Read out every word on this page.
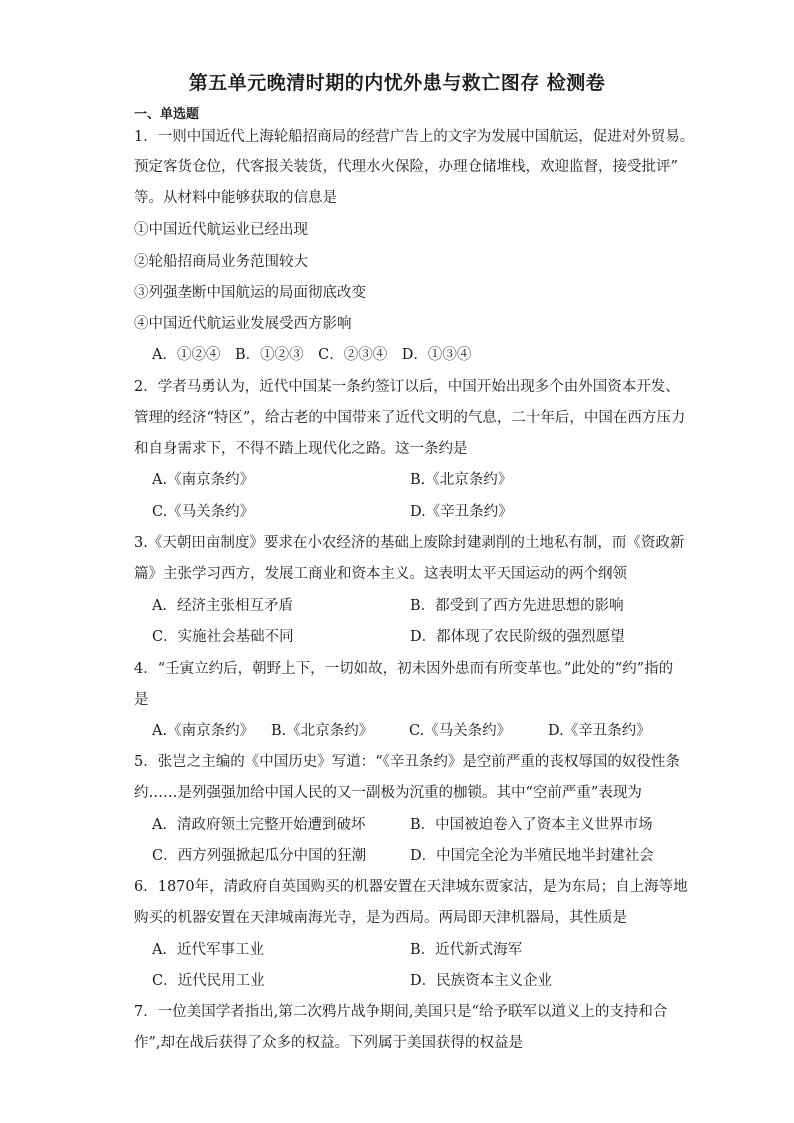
第五单元晚清时期的内忧外患与救亡图存 检测卷
一、单选题
1．一则中国近代上海轮船招商局的经营广告上的文字为发展中国航运，促进对外贸易。
预定客货仓位，代客报关装货，代理水火保险，办理仓储堆栈，欢迎监督，接受批评”
等。从材料中能够获取的信息是
①中国近代航运业已经出现
②轮船招商局业务范围较大
③列强垄断中国航运的局面彻底改变
④中国近代航运业发展受西方影响
A．①②④　B．①②③　C．②③④　D．①③④
2．学者马勇认为，近代中国某一条约签订以后，中国开始出现多个由外国资本开发、
管理的经济“特区”，给古老的中国带来了近代文明的气息，二十年后，中国在西方压力
和自身需求下，不得不踏上现代化之路。这一条约是
A.《南京条约》	B.《北京条约》
C.《马关条约》	D.《辛丑条约》
3.《天朝田亩制度》要求在小农经济的基础上废除封建剥削的土地私有制，而《资政新
篇》主张学习西方，发展工商业和资本主义。这表明太平天国运动的两个纲领
A．经济主张相互矛盾	B．都受到了西方先进思想的影响
C．实施社会基础不同	D．都体现了农民阶级的强烈愿望
4．“壬寅立约后，朝野上下，一切如故，初未因外患而有所变革也。”此处的“约”指的
是
A.《南京条约》 B.《北京条约》 C.《马关条约》	D.《辛丑条约》
5．张岂之主编的《中国历史》写道：“《辛丑条约》是空前严重的丧权辱国的奴役性条
约……是列强强加给中国人民的又一副极为沉重的枷锁。其中“空前严重”表现为
A．清政府领土完整开始遭到破坏	B．中国被迫卷入了资本主义世界市场
C．西方列强掀起瓜分中国的狂潮	D．中国完全沦为半殖民地半封建社会
6．1870年，清政府自英国购买的机器安置在天津城东贾家沽，是为东局；自上海等地
购买的机器安置在天津城南海光寺，是为西局。两局即天津机器局，其性质是
A．近代军事工业	B．近代新式海军
C．近代民用工业	D．民族资本主义企业
7．一位美国学者指出,第二次鸦片战争期间,美国只是“给予联军以道义上的支持和合
作”,却在战后获得了众多的权益。下列属于美国获得的权益是
